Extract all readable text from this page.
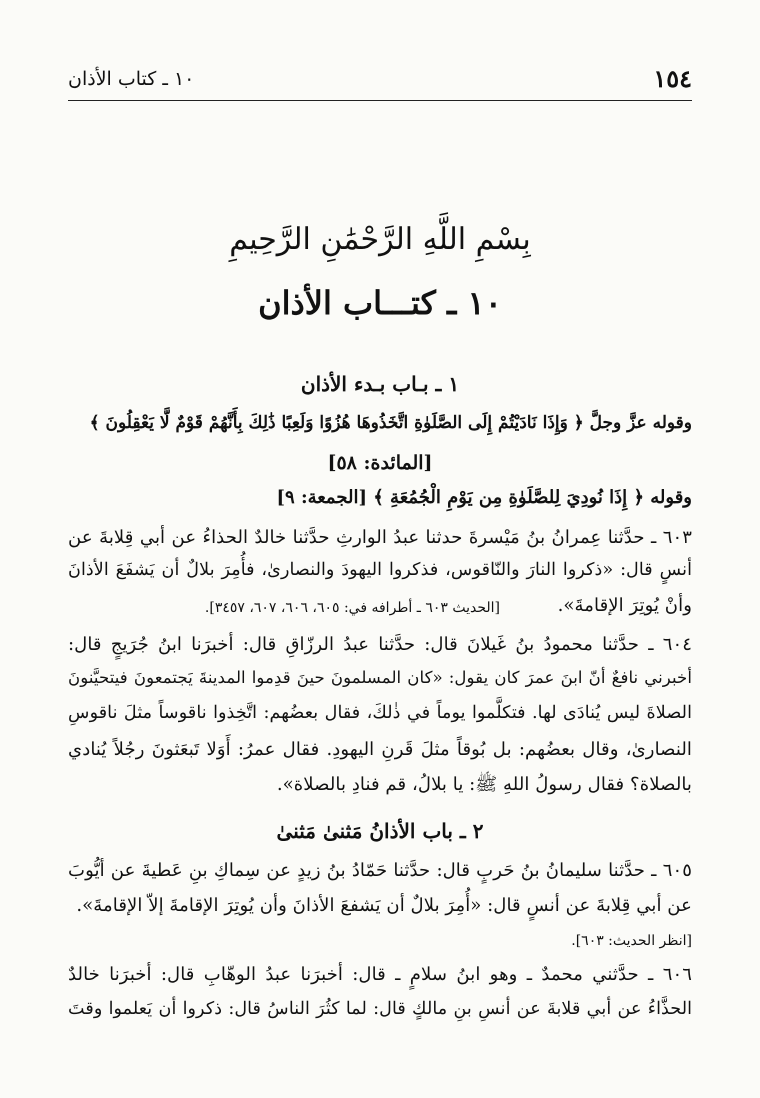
١٠ ـ كتاب الأذان	١٥٤
بِسْمِ اللَّهِ الرَّحْمَٰنِ الرَّحِيمِ
١٠ ـ كتـــاب الأذان
١ ـ بـاب بـدء الأذان
وقوله عزَّ وجلَّ ﴿ وَإِذَا نَادَيْتُمْ إِلَى الصَّلَوٰةِ اتَّخَذُوهَا هُزُوًا وَلَعِبًا ذَٰلِكَ بِأَنَّهُمْ قَوْمٌ لَّا يَعْقِلُونَ ﴾
[المائدة: ٥٨]
وقوله ﴿ إِذَا نُودِيَ لِلصَّلَوٰةِ مِن يَوْمِ الْجُمُعَةِ ﴾ [الجمعة: ٩]
٦٠٣ ـ حدَّثنا عِمرانُ بنُ مَيْسرةَ حدثنا عبدُ الوارثِ حدَّثنا خالدٌ الحذاءُ عن أبي قِلابةَ عن
أنسٍ قال: «ذكروا النارَ والنّاقوس، فذكروا اليهودَ والنصارىٰ، فأُمِرَ بلالٌ أن يَشفَعَ الأذانَ
وأنْ يُوتِرَ الإقامةَ».
[الحديث ٦٠٣ ـ أطرافه في: ٦٠٥، ٦٠٦، ٦٠٧، ٣٤٥٧].
٦٠٤ ـ حدَّثنا محمودُ بنُ غَيلانَ قال: حدَّثنا عبدُ الرزّاقِ قال: أخبرَنا ابنُ جُرَيجٍ قال:
أخبرني نافعٌ أنّ ابنَ عمرَ كان يقول: «كان المسلمونَ حينَ قدِموا المدينةَ يَجتمعونَ فيتحيَّنونَ
الصلاةَ ليس يُنادَى لها. فتكلَّموا يوماً في ذٰلكَ، فقال بعضُهم: اتَّخِذوا ناقوساً مثلَ ناقوسِ
النصارىٰ، وقال بعضُهم: بل بُوقاً مثلَ قَرنِ اليهودِ. فقال عمرُ: أَوَلا تَبعَثونَ رجُلاً يُنادي
بالصلاة؟ فقال رسولُ اللهِ ﷺ: يا بلالُ، قم فنادِ بالصلاة».
٢ ـ باب الأذانُ مَثنىٰ مَثنىٰ
٦٠٥ ـ حدَّثنا سليمانُ بنُ حَربٍ قال: حدَّثنا حَمّادُ بنُ زيدٍ عن سِماكِ بنِ عَطيةَ عن أيُّوبَ
عن أبي قِلابةَ عن أنسٍ قال: «أُمِرَ بلالٌ أن يَشفعَ الأذانَ وأن يُوتِرَ الإقامةَ إلاّ الإقامةَ».
[انظر الحديث: ٦٠٣].
٦٠٦ ـ حدَّثني محمدٌ ـ وهو ابنُ سلامٍ ـ قال: أخبرَنا عبدُ الوهّابِ قال: أخبرَنا خالدٌ
الحذَّاءُ عن أبي قلابةَ عن أنسِ بنِ مالكٍ قال: لما كثُرَ الناسُ قال: ذكروا أن يَعلموا وقتَ
